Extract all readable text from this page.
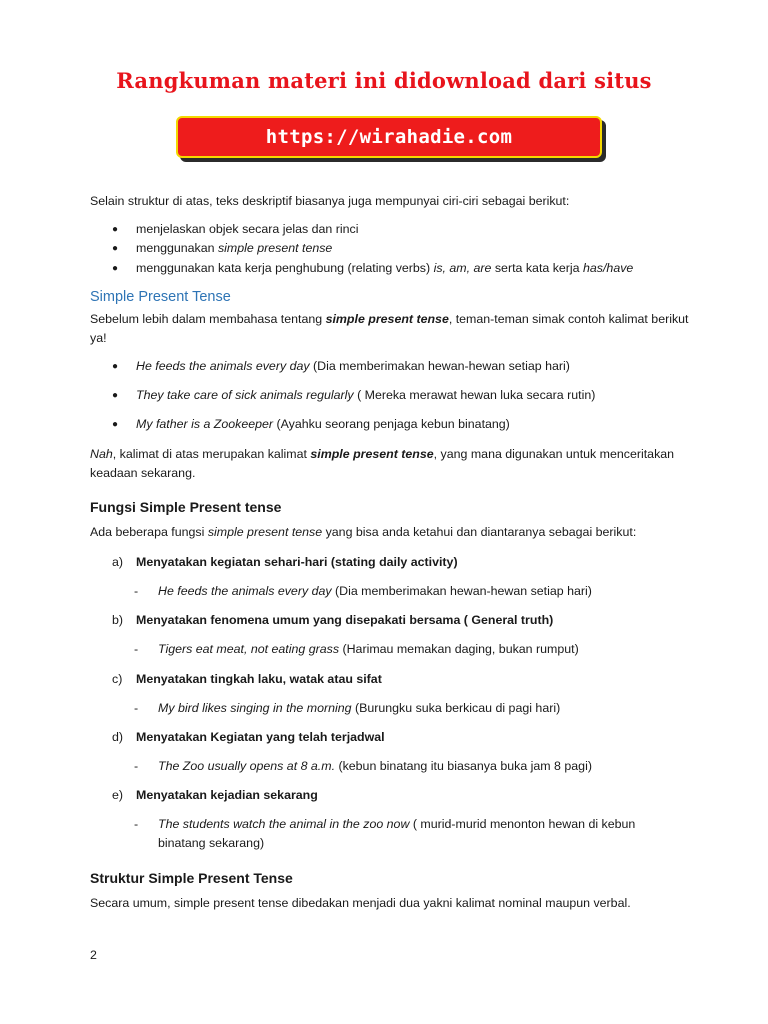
Rangkuman materi ini didownload dari situs
https://wirahadie.com

Selain struktur di atas, teks deskriptif biasanya juga mempunyai ciri-ciri sebagai berikut:

●	menjelaskan objek secara jelas dan rinci
●	menggunakan simple present tense
●	menggunakan kata kerja penghubung (relating verbs) is, am, are serta kata kerja has/have
Simple Present Tense

Sebelum lebih dalam membahasa tentang simple present tense, teman-teman simak contoh kalimat berikut ya!

●	He feeds the animals every day (Dia memberimakan hewan-hewan setiap hari)
●	They take care of sick animals regularly ( Mereka merawat hewan luka secara rutin)
●	My father is a Zookeeper (Ayahku seorang penjaga kebun binatang)

Nah, kalimat di atas merupakan kalimat simple present tense, yang mana digunakan untuk menceritakan keadaan sekarang.

Fungsi Simple Present tense

Ada beberapa fungsi simple present tense yang bisa anda ketahui dan diantaranya sebagai berikut:

a) Menyatakan kegiatan sehari-hari (stating daily activity)
- He feeds the animals every day (Dia memberimakan hewan-hewan setiap hari)
b) Menyatakan fenomena umum yang disepakati bersama ( General truth)
- Tigers eat meat, not eating grass (Harimau memakan daging, bukan rumput)
c) Menyatakan tingkah laku, watak atau sifat
- My bird likes singing in the morning (Burungku suka berkicau di pagi hari)
d) Menyatakan Kegiatan yang telah terjadwal
- The Zoo usually opens at 8 a.m. (kebun binatang itu biasanya buka jam 8 pagi)
e) Menyatakan kejadian sekarang
- The students watch the animal in the zoo now ( murid-murid menonton hewan di kebun binatang sekarang)
Struktur Simple Present Tense

Secara umum, simple present tense dibedakan menjadi dua yakni kalimat nominal maupun verbal.

2
